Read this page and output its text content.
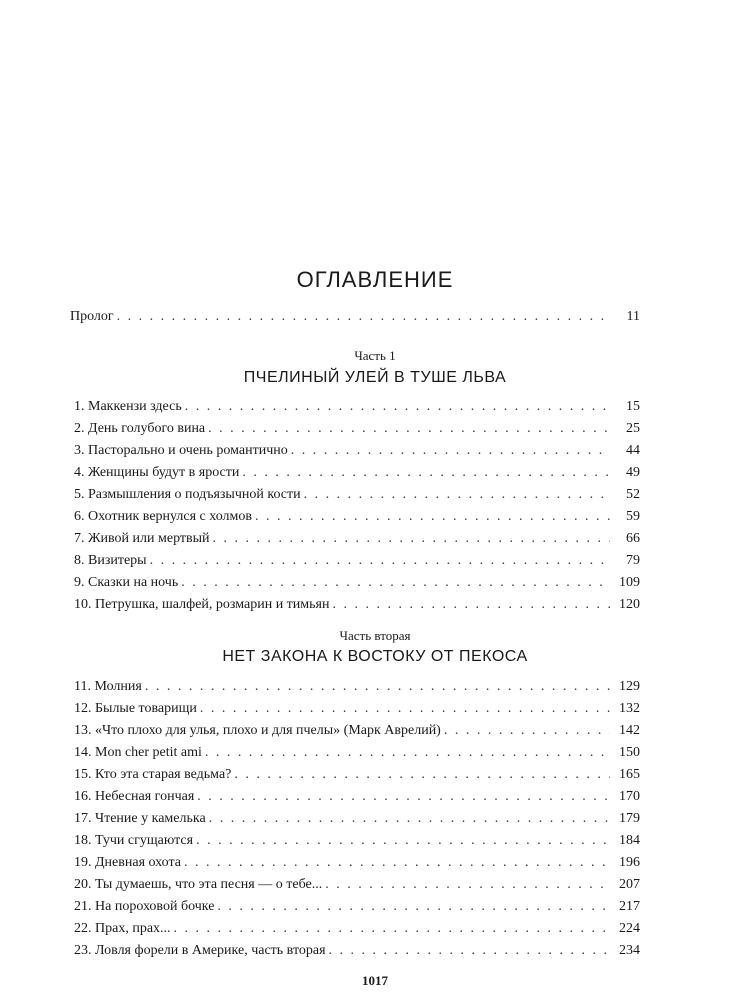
ОГЛАВЛЕНИЕ
Пролог . . .	11
Часть 1
ПЧЕЛИНЫЙ УЛЕЙ В ТУШЕ ЛЬВА
1. Маккензи здесь . . .	15
2. День голубого вина . . .	25
3. Пасторально и очень романтично . . .	44
4. Женщины будут в ярости . . .	49
5. Размышления о подъязычной кости . . .	52
6. Охотник вернулся с холмов . . .	59
7. Живой или мертвый . . .	66
8. Визитеры . . .	79
9. Сказки на ночь . . .	109
10. Петрушка, шалфей, розмарин и тимьян . . .	120
Часть вторая
НЕТ ЗАКОНА К ВОСТОКУ ОТ ПЕКОСА
11. Молния . . .	129
12. Былые товарищи . . .	132
13. «Что плохо для улья, плохо и для пчелы» (Марк Аврелий) . . .	142
14. Mon cher petit ami . . .	150
15. Кто эта старая ведьма? . . .	165
16. Небесная гончая . . .	170
17. Чтение у камелька . . .	179
18. Тучи сгущаются . . .	184
19. Дневная охота . . .	196
20. Ты думаешь, что эта песня — о тебе... . . .	207
21. На пороховой бочке . . .	217
22. Прах, прах... . . .	224
23. Ловля форели в Америке, часть вторая . . .	234
1017
